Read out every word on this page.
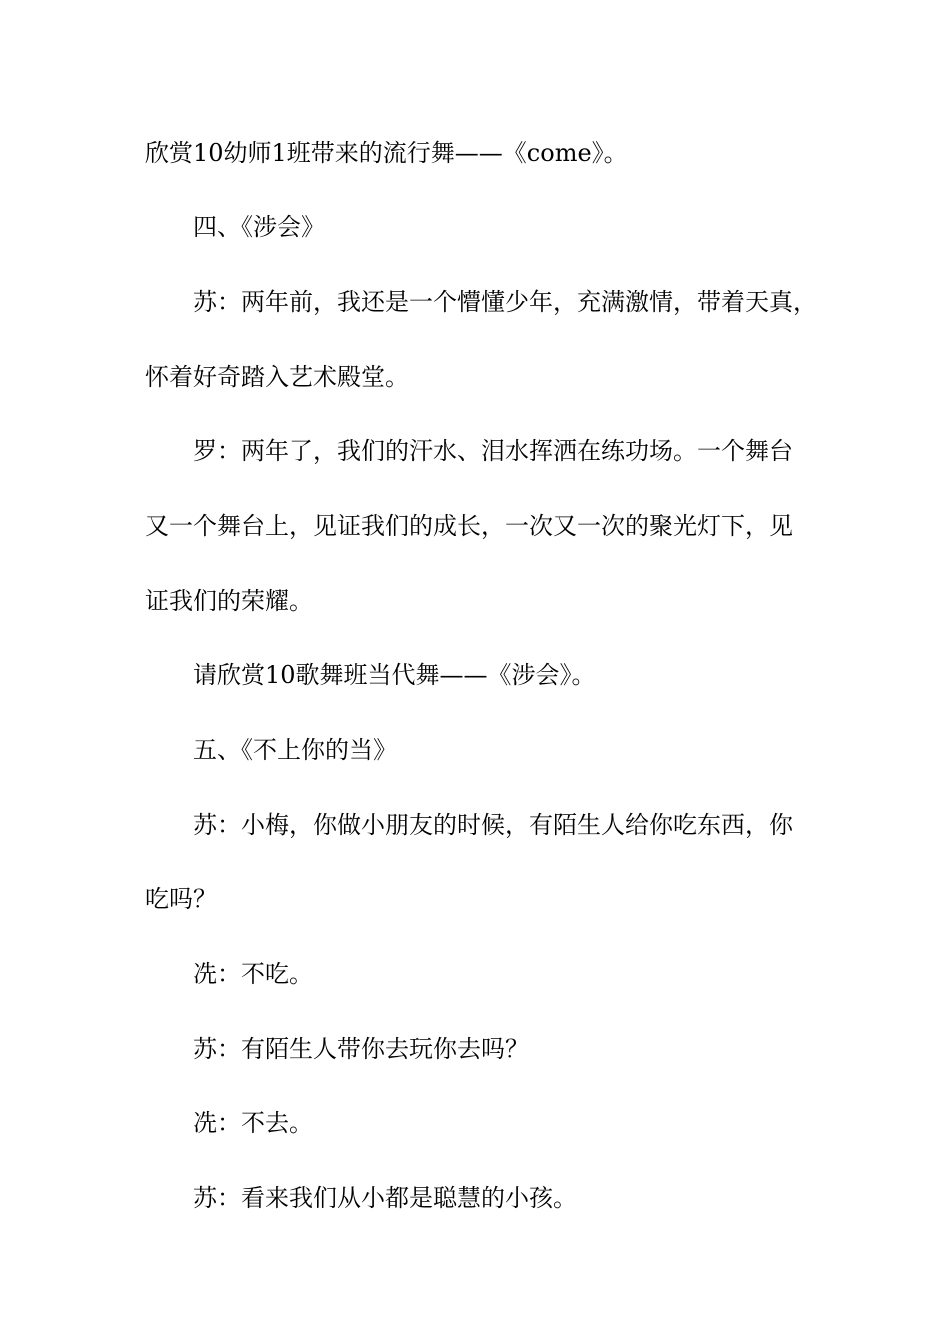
欣赏10幼师1班带来的流行舞——《come》。

四、《涉会》

苏：两年前，我还是一个懵懂少年，充满激情，带着天真，

怀着好奇踏入艺术殿堂。

罗：两年了，我们的汗水、泪水挥洒在练功场。一个舞台

又一个舞台上，见证我们的成长，一次又一次的聚光灯下，见

证我们的荣耀。

请欣赏10歌舞班当代舞——《涉会》。

五、《不上你的当》

苏：小梅，你做小朋友的时候，有陌生人给你吃东西，你

吃吗？

冼：不吃。

苏：有陌生人带你去玩你去吗？

冼：不去。

苏：看来我们从小都是聪慧的小孩。
